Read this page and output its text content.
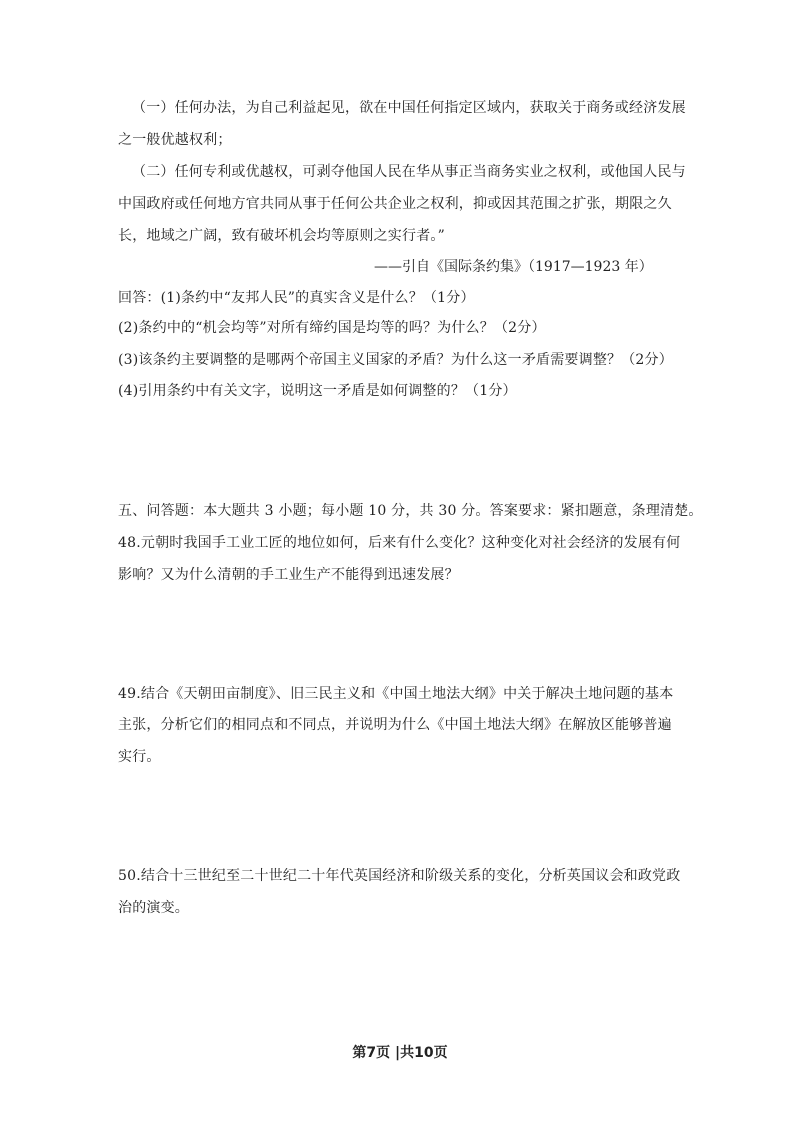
（一）任何办法，为自己利益起见，欲在中国任何指定区域内，获取关于商务或经济发展
之一般优越权利；
（二）任何专利或优越权，可剥夺他国人民在华从事正当商务实业之权利，或他国人民与
中国政府或任何地方官共同从事于任何公共企业之权利，抑或因其范围之扩张，期限之久
长，地域之广阔，致有破坏机会均等原则之实行者。”
——引自《国际条约集》（1917—1923 年）
回答：(1)条约中“友邦人民”的真实含义是什么？（1分）
(2)条约中的“机会均等”对所有缔约国是均等的吗？为什么？（2分）
(3)该条约主要调整的是哪两个帝国主义国家的矛盾？为什么这一矛盾需要调整？（2分）
(4)引用条约中有关文字，说明这一矛盾是如何调整的？（1分）
五、问答题：本大题共 3 小题；每小题 10 分，共 30 分。答案要求：紧扣题意，条理清楚。
48.元朝时我国手工业工匠的地位如何，后来有什么变化？这种变化对社会经济的发展有何
影响？又为什么清朝的手工业生产不能得到迅速发展？
49.结合《天朝田亩制度》、旧三民主义和《中国土地法大纲》中关于解决土地问题的基本
主张，分析它们的相同点和不同点，并说明为什么《中国土地法大纲》在解放区能够普遍
实行。
50.结合十三世纪至二十世纪二十年代英国经济和阶级关系的变化，分析英国议会和政党政
治的演变。
第7页 |共10页
